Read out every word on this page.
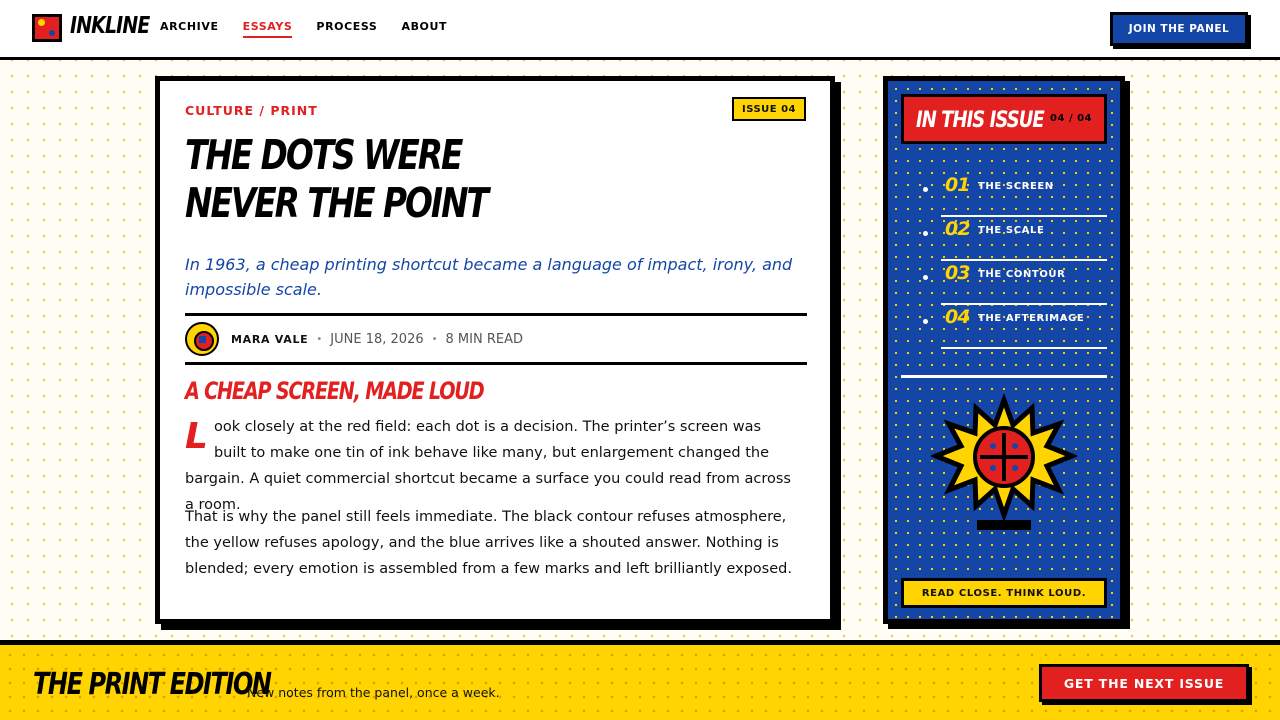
INKLINE ARCHIVE ESSAYS PROCESS ABOUT	JOIN THE PANEL
CULTURE / PRINT	ISSUE 04
THE DOTS WERE
NEVER THE POINT

In 1963, a cheap printing shortcut became a language of impact, irony, and impossible scale.

MARA VALE • JUNE 18, 2026 • 8 MIN READ
A CHEAP SCREEN, MADE LOUD

Look closely at the red field: each dot is a decision. The printer’s screen was built to make one tin of ink behave like many, but enlargement changed the bargain. A quiet commercial shortcut became a surface you could read from across a room.

That is why the panel still feels immediate. The black contour refuses atmosphere, the yellow refuses apology, and the blue arrives like a shouted answer. Nothing is blended; every emotion is assembled from a few marks and left brilliantly exposed.

IN THIS ISSUE 04 / 04
01 THE SCREEN
02 THE SCALE
03 THE CONTOUR
04 THE AFTERIMAGE
READ CLOSE. THINK LOUD.
THE PRINT EDITION
New notes from the panel, once a week.
GET THE NEXT ISSUE
